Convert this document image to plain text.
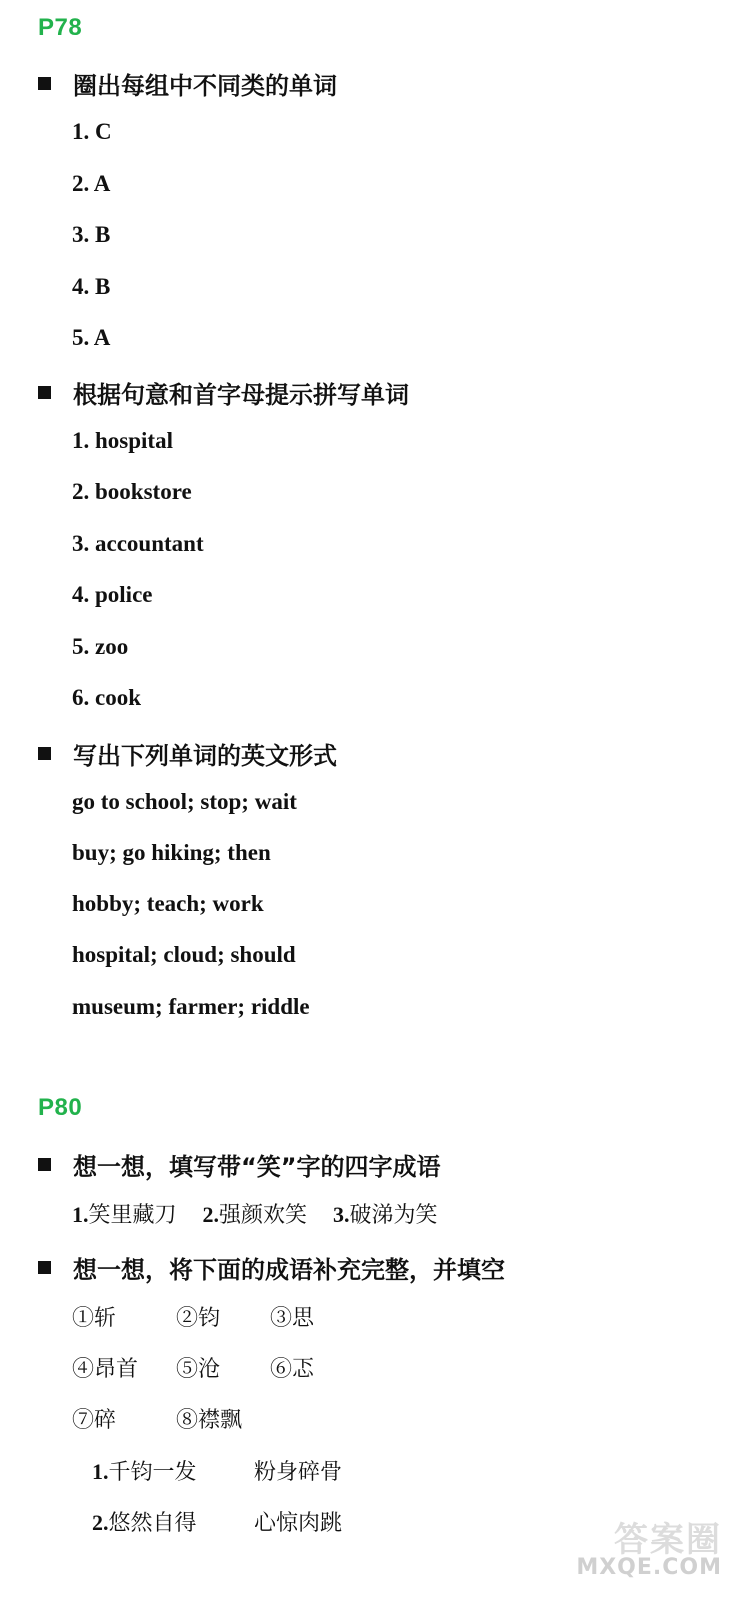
P78
圈出每组中不同类的单词
1. C
2. A
3. B
4. B
5. A
根据句意和首字母提示拼写单词
1. hospital
2. bookstore
3. accountant
4. police
5. zoo
6. cook
写出下列单词的英文形式
go to school; stop; wait
buy; go hiking; then
hobby; teach; work
hospital; cloud; should
museum; farmer; riddle
P80
想一想，填写带“笑”字的四字成语
1.笑里藏刀 2.强颜欢笑 3.破涕为笑
想一想，将下面的成语补充完整，并填空
①斩	②钧	③思
④昂首	⑤沧	⑥忑
⑦碎	⑧襟飘
1.千钧一发	粉身碎骨
2.悠然自得	心惊肉跳	答案圈
MXQE.COM
